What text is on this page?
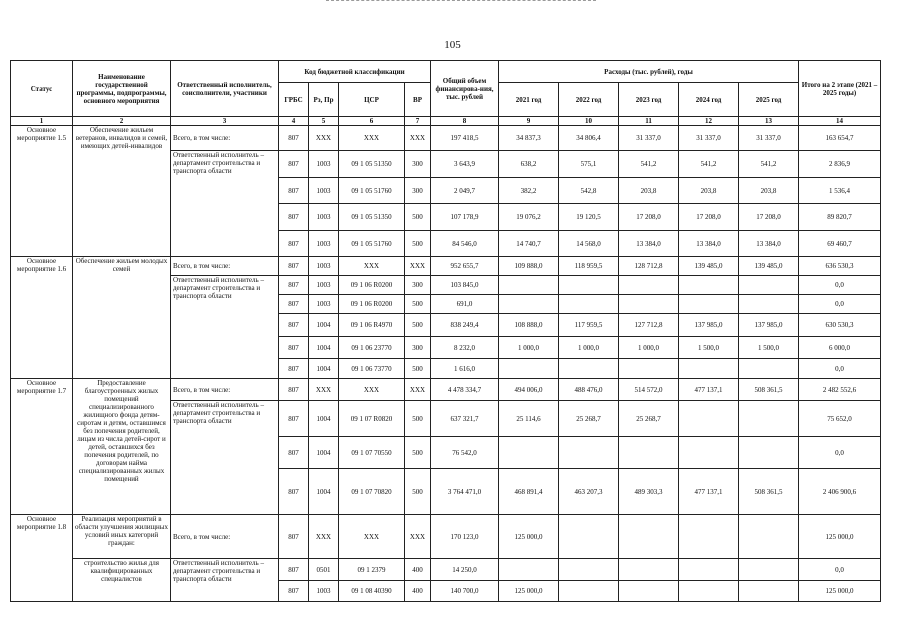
105
Статус	Наименование государственной программы, подпрограммы, основного мероприятия	Ответственный исполнитель, соисполнители, участники	Код бюджетной классификации				Общий объем финансирова-ния, тыс. рублей	Расходы (тыс. рублей), годы					Итого на 2 этапе (2021 – 2025 годы)
			ГРБС	Рз, Пр	ЦСР	ВР		2021 год	2022 год	2023 год	2024 год	2025 год	
1	2	3	4	5	6	7	8	9	10	11	12	13	14
Основное мероприятие 1.5	Обеспечение жильем ветеранов, инвалидов и семей, имеющих детей-инвалидов	Всего, в том числе:	807	XXX	XXX	XXX	197 418,5	34 837,3	34 806,4	31 337,0	31 337,0	31 337,0	163 654,7
		Ответственный исполнитель – департамент строительства и транспорта области	807	1003	09 1 05 51350	300	3 643,9	638,2	575,1	541,2	541,2	541,2	2 836,9
			807	1003	09 1 05 51760	300	2 049,7	382,2	542,8	203,8	203,8	203,8	1 536,4
			807	1003	09 1 05 51350	500	107 178,9	19 076,2	19 120,5	17 208,0	17 208,0	17 208,0	89 820,7
			807	1003	09 1 05 51760	500	84 546,0	14 740,7	14 568,0	13 384,0	13 384,0	13 384,0	69 460,7
Основное мероприятие 1.6	Обеспечение жильем молодых семей	Всего, в том числе:	807	1003	XXX	XXX	952 655,7	109 888,0	118 959,5	128 712,8	139 485,0	139 485,0	636 530,3
		Ответственный исполнитель – департамент строительства и транспорта области	807	1003	09 1 06 R0200	300	103 845,0						0,0
			807	1003	09 1 06 R0200	500	691,0						0,0
			807	1004	09 1 06 R4970	500	838 249,4	108 888,0	117 959,5	127 712,8	137 985,0	137 985,0	630 530,3
			807	1004	09 1 06 23770	300	8 232,0	1 000,0	1 000,0	1 000,0	1 500,0	1 500,0	6 000,0
			807	1004	09 1 06 73770	500	1 616,0						0,0
Основное мероприятие 1.7	Предоставление благоустроенных жилых помещений специализированного жилищного фонда детям-сиротам и детям, оставшимся без попечения родителей, лицам из числа детей-сирот и детей, оставшихся без попечения родителей, по договорам найма специализированных жилых помещений	Всего, в том числе:	807	XXX	XXX	XXX	4 478 334,7	494 006,0	488 476,0	514 572,0	477 137,1	508 361,5	2 482 552,6
		Ответственный исполнитель – департамент строительства и транспорта области	807	1004	09 1 07 R0820	500	637 321,7	25 114,6	25 268,7	25 268,7			75 652,0
			807	1004	09 1 07 70550	500	76 542,0						0,0
			807	1004	09 1 07 70820	500	3 764 471,0	468 891,4	463 207,3	489 303,3	477 137,1	508 361,5	2 406 900,6
Основное мероприятие 1.8	Реализация мероприятий в области улучшения жилищных условий иных категорий граждан:	Всего, в том числе:	807	XXX	XXX	XXX	170 123,0	125 000,0					125 000,0
	строительство жилья для квалифицированных специалистов	Ответственный исполнитель – департамент строительства и транспорта области	807	0501	09 1 2379	400	14 250,0						0,0
			807	1003	09 1 08 40390	400	140 700,0	125 000,0					125 000,0
